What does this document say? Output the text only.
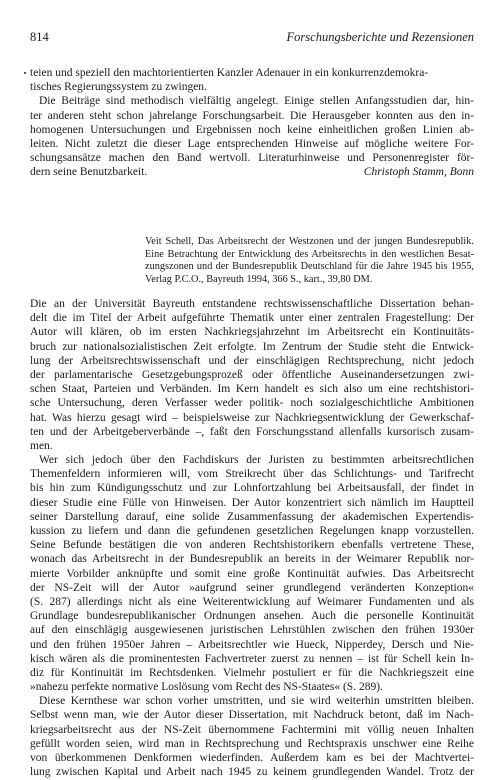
814	Forschungsberichte und Rezensionen
teien und speziell den machtorientierten Kanzler Adenauer in ein konkurrenzdemokra-
tisches Regierungssystem zu zwingen.
Die Beiträge sind methodisch vielfältig angelegt. Einige stellen Anfangsstudien dar, hin-
ter anderen steht schon jahrelange Forschungsarbeit. Die Herausgeber konnten aus den in-
homogenen Untersuchungen und Ergebnissen noch keine einheitlichen großen Linien ab-
leiten. Nicht zuletzt die dieser Lage entsprechenden Hinweise auf mögliche weitere For-
schungsansätze machen den Band wertvoll. Literaturhinweise und Personenregister för-
dern seine Benutzbarkeit.	Christoph Stamm, Bonn
Veit Schell, Das Arbeitsrecht der Westzonen und der jungen Bundesrepublik.
Eine Betrachtung der Entwicklung des Arbeitsrechts in den westlichen Besat-
zungszonen und der Bundesrepublik Deutschland für die Jahre 1945 bis 1955,
Verlag P.C.O., Bayreuth 1994, 366 S., kart., 39,80 DM.
Die an der Universität Bayreuth entstandene rechtswissenschaftliche Dissertation behan-
delt die im Titel der Arbeit aufgeführte Thematik unter einer zentralen Fragestellung: Der
Autor will klären, ob im ersten Nachkriegsjahrzehnt im Arbeitsrecht ein Kontinuitäts-
bruch zur nationalsozialistischen Zeit erfolgte. Im Zentrum der Studie steht die Entwick-
lung der Arbeitsrechtswissenschaft und der einschlägigen Rechtsprechung, nicht jedoch
der parlamentarische Gesetzgebungsprozeß oder öffentliche Auseinandersetzungen zwi-
schen Staat, Parteien und Verbänden. Im Kern handelt es sich also um eine rechtshistori-
sche Untersuchung, deren Verfasser weder politik- noch sozialgeschichtliche Ambitionen
hat. Was hierzu gesagt wird – beispielsweise zur Nachkriegsentwicklung der Gewerkschaf-
ten und der Arbeitgeberverbände –, faßt den Forschungsstand allenfalls kursorisch zusam-
men.
Wer sich jedoch über den Fachdiskurs der Juristen zu bestimmten arbeitsrechtlichen
Themenfeldern informieren will, vom Streikrecht über das Schlichtungs- und Tarifrecht
bis hin zum Kündigungsschutz und zur Lohnfortzahlung bei Arbeitsausfall, der findet in
dieser Studie eine Fülle von Hinweisen. Der Autor konzentriert sich nämlich im Hauptteil
seiner Darstellung darauf, eine solide Zusammenfassung der akademischen Expertendis-
kussion zu liefern und dann die gefundenen gesetzlichen Regelungen knapp vorzustellen.
Seine Befunde bestätigen die von anderen Rechtshistorikern ebenfalls vertretene These,
wonach das Arbeitsrecht in der Bundesrepublik an bereits in der Weimarer Republik nor-
mierte Vorbilder anknüpfte und somit eine große Kontinuität aufwies. Das Arbeitsrecht
der NS-Zeit will der Autor »aufgrund seiner grundlegend veränderten Konzeption«
(S. 287) allerdings nicht als eine Weiterentwicklung auf Weimarer Fundamenten und als
Grundlage bundesrepublikanischer Ordnungen ansehen. Auch die personelle Kontinuität
auf den einschlägig ausgewiesenen juristischen Lehrstühlen zwischen den frühen 1930er
und den frühen 1950er Jahren – Arbeitsrechtler wie Hueck, Nipperdey, Dersch und Nie-
kisch wären als die prominentesten Fachvertreter zuerst zu nennen – ist für Schell kein In-
diz für Kontinuität im Rechtsdenken. Vielmehr postuliert er für die Nachkriegszeit eine
»nahezu perfekte normative Loslösung vom Recht des NS-Staates« (S. 289).
Diese Kernthese war schon vorher umstritten, und sie wird weiterhin umstritten bleiben.
Selbst wenn man, wie der Autor dieser Dissertation, mit Nachdruck betont, daß im Nach-
kriegsarbeitsrecht aus der NS-Zeit übernommene Fachtermini mit völlig neuen Inhalten
gefüllt worden seien, wird man in Rechtsprechung und Rechtspraxis unschwer eine Reihe
von überkommenen Denkformen wiederfinden. Außerdem kam es bei der Machtvertei-
lung zwischen Kapital und Arbeit nach 1945 zu keinem grundlegenden Wandel. Trotz der
